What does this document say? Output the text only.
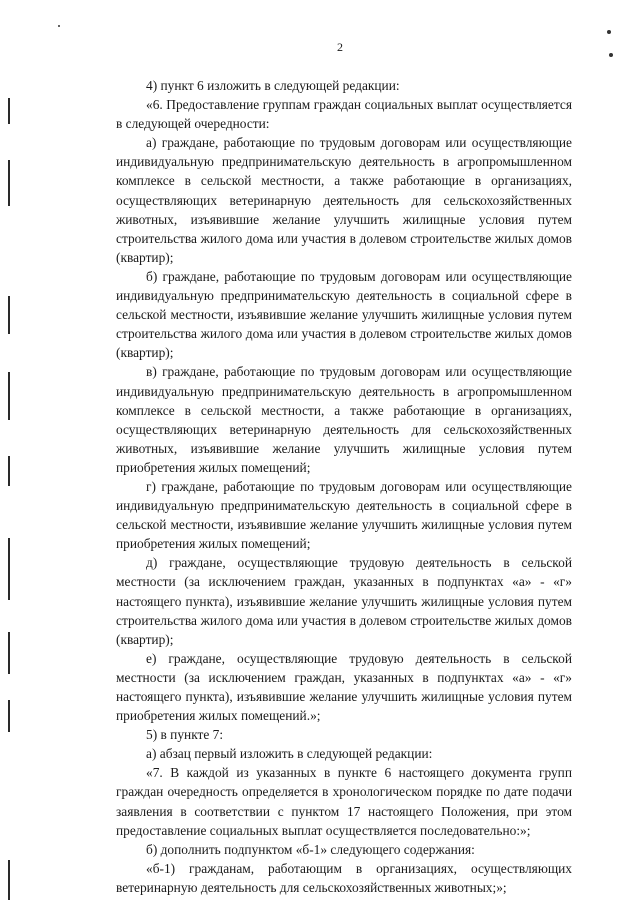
2

4) пункт 6 изложить в следующей редакции:

«6. Предоставление группам граждан социальных выплат осуществляется в следующей очередности:

а) граждане, работающие по трудовым договорам или осуществляющие индивидуальную предпринимательскую деятельность в агропромышленном комплексе в сельской местности, а также работающие в организациях, осуществляющих ветеринарную деятельность для сельскохозяйственных животных, изъявившие желание улучшить жилищные условия путем строительства жилого дома или участия в долевом строительстве жилых домов (квартир);

б) граждане, работающие по трудовым договорам или осуществляющие индивидуальную предпринимательскую деятельность в социальной сфере в сельской местности, изъявившие желание улучшить жилищные условия путем строительства жилого дома или участия в долевом строительстве жилых домов (квартир);

в) граждане, работающие по трудовым договорам или осуществляющие индивидуальную предпринимательскую деятельность в агропромышленном комплексе в сельской местности, а также работающие в организациях, осуществляющих ветеринарную деятельность для сельскохозяйственных животных, изъявившие желание улучшить жилищные условия путем приобретения жилых помещений;

г) граждане, работающие по трудовым договорам или осуществляющие индивидуальную предпринимательскую деятельность в социальной сфере в сельской местности, изъявившие желание улучшить жилищные условия путем приобретения жилых помещений;

д) граждане, осуществляющие трудовую деятельность в сельской местности (за исключением граждан, указанных в подпунктах «а» - «г» настоящего пункта), изъявившие желание улучшить жилищные условия путем строительства жилого дома или участия в долевом строительстве жилых домов (квартир);

е) граждане, осуществляющие трудовую деятельность в сельской местности (за исключением граждан, указанных в подпунктах «а» - «г» настоящего пункта), изъявившие желание улучшить жилищные условия путем приобретения жилых помещений.»;

5) в пункте 7:

а) абзац первый изложить в следующей редакции:

«7. В каждой из указанных в пункте 6 настоящего документа групп граждан очередность определяется в хронологическом порядке по дате подачи заявления в соответствии с пунктом 17 настоящего Положения, при этом предоставление социальных выплат осуществляется последовательно:»;

б) дополнить подпунктом «б-1» следующего содержания:

«б-1) гражданам, работающим в организациях, осуществляющих ветеринарную деятельность для сельскохозяйственных животных;»;
